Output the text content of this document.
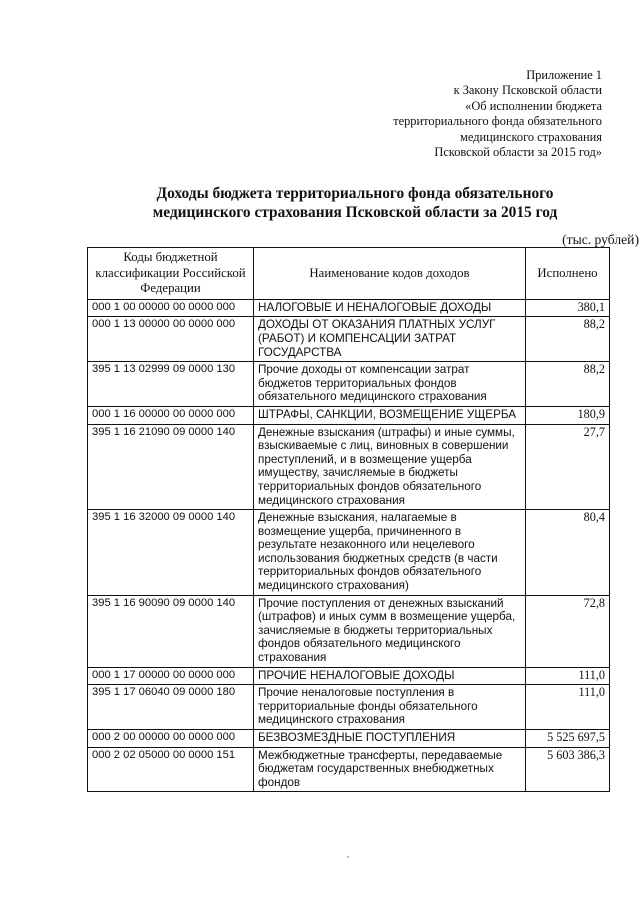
Приложение 1
к Закону Псковской области
«Об исполнении бюджета
территориального фонда обязательного
медицинского страхования
Псковской области за 2015 год»
Доходы бюджета территориального фонда обязательного
медицинского страхования Псковской области за 2015 год
(тыс. рублей)
Коды бюджетной классификации Российской Федерации	Наименование кодов доходов	Исполнено
000 1 00 00000 00 0000 000	НАЛОГОВЫЕ И НЕНАЛОГОВЫЕ ДОХОДЫ	380,1
000 1 13 00000 00 0000 000	ДОХОДЫ ОТ ОКАЗАНИЯ ПЛАТНЫХ УСЛУГ (РАБОТ) И КОМПЕНСАЦИИ ЗАТРАТ ГОСУДАРСТВА	88,2
395 1 13 02999 09 0000 130	Прочие доходы от компенсации затрат бюджетов территориальных фондов обязательного медицинского страхования	88,2
000 1 16 00000 00 0000 000	ШТРАФЫ, САНКЦИИ, ВОЗМЕЩЕНИЕ УЩЕРБА	180,9
395 1 16 21090 09 0000 140	Денежные взыскания (штрафы) и иные суммы, взыскиваемые с лиц, виновных в совершении преступлений, и в возмещение ущерба имуществу, зачисляемые в бюджеты территориальных фондов обязательного медицинского страхования	27,7
395 1 16 32000 09 0000 140	Денежные взыскания, налагаемые в возмещение ущерба, причиненного в результате незаконного или нецелевого использования бюджетных средств (в части территориальных фондов обязательного медицинского страхования)	80,4
395 1 16 90090 09 0000 140	Прочие поступления от денежных взысканий (штрафов) и иных сумм в возмещение ущерба, зачисляемые в бюджеты территориальных фондов обязательного медицинского страхования	72,8
000 1 17 00000 00 0000 000	ПРОЧИЕ НЕНАЛОГОВЫЕ ДОХОДЫ	111,0
395 1 17 06040 09 0000 180	Прочие неналоговые поступления в территориальные фонды обязательного медицинского страхования	111,0
000 2 00 00000 00 0000 000	БЕЗВОЗМЕЗДНЫЕ ПОСТУПЛЕНИЯ	5 525 697,5
000 2 02 05000 00 0000 151	Межбюджетные трансферты, передаваемые бюджетам государственных внебюджетных фондов	5 603 386,3
